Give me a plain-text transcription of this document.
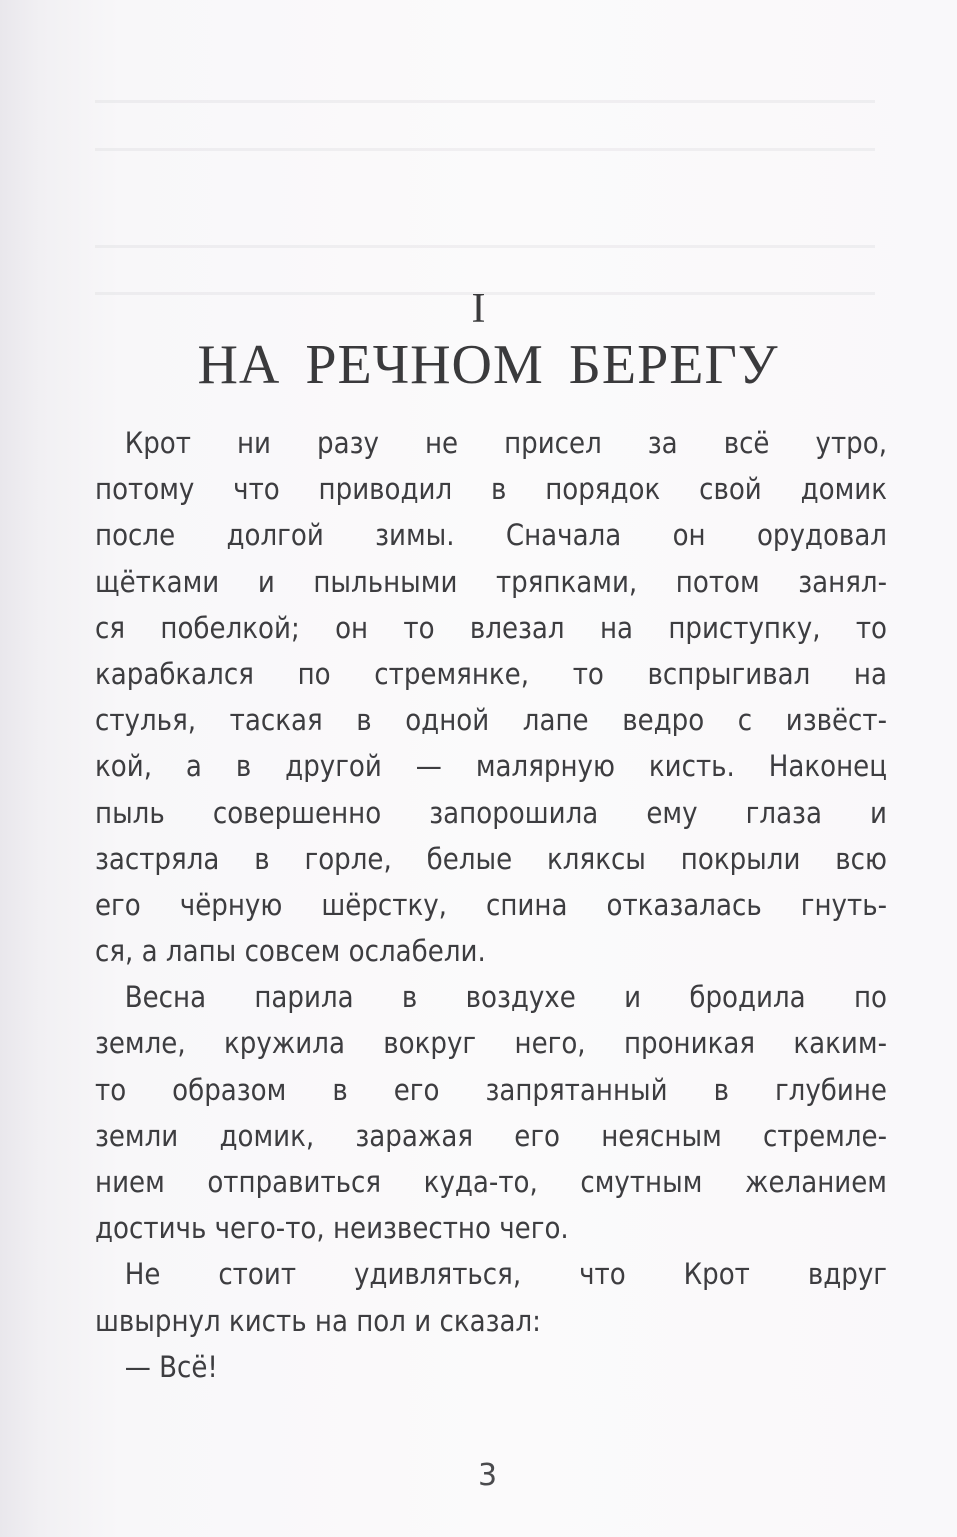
I
НА РЕЧНОМ БЕРЕГУ
Крот ни разу не присел за всё утро,
потому что приводил в порядок свой домик
после долгой зимы. Сначала он орудовал
щётками и пыльными тряпками, потом занял-
ся побелкой; он то влезал на приступку, то
карабкался по стремянке, то вспрыгивал на
стулья, таская в одной лапе ведро с извёст-
кой, а в другой — малярную кисть. Наконец
пыль совершенно запорошила ему глаза и
застряла в горле, белые кляксы покрыли всю
его чёрную шёрстку, спина отказалась гнуть-
ся, а лапы совсем ослабели.
Весна парила в воздухе и бродила по
земле, кружила вокруг него, проникая каким-
то образом в его запрятанный в глубине
земли домик, заражая его неясным стремле-
нием отправиться куда-то, смутным желанием
достичь чего-то, неизвестно чего.
Не стоит удивляться, что Крот вдруг
швырнул кисть на пол и сказал:
— Всё!
3
